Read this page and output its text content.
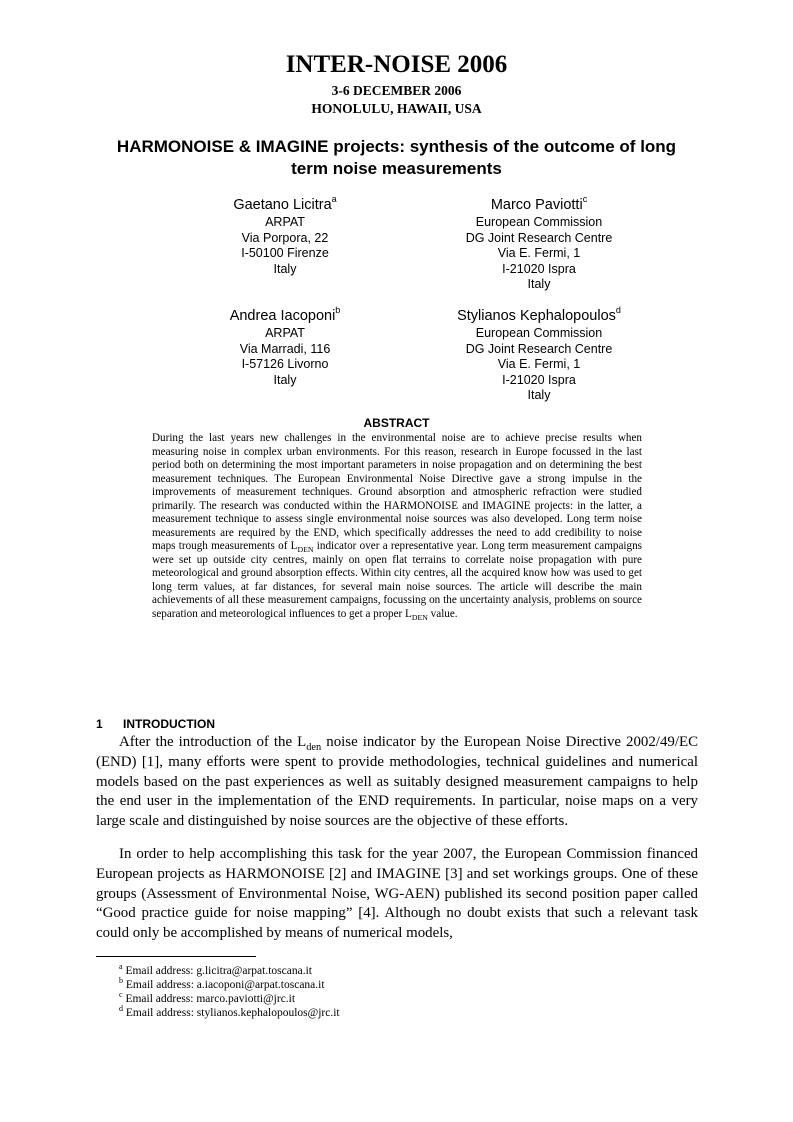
INTER-NOISE 2006
3-6 DECEMBER 2006
HONOLULU, HAWAII, USA
HARMONOISE & IMAGINE projects: synthesis of the outcome of long term noise measurements
Gaetano Licitra$^a$
ARPAT
Via Porpora, 22
I-50100 Firenze
Italy
Marco Paviotti$^c$
European Commission
DG Joint Research Centre
Via E. Fermi, 1
I-21020 Ispra
Italy
Andrea Iacoponi$^b$
ARPAT
Via Marradi, 116
I-57126 Livorno
Italy
Stylianos Kephalopoulos$^d$
European Commission
DG Joint Research Centre
Via E. Fermi, 1
I-21020 Ispra
Italy
ABSTRACT

During the last years new challenges in the environmental noise are to achieve precise results when measuring noise in complex urban environments. For this reason, research in Europe focussed in the last period both on determining the most important parameters in noise propagation and on determining the best measurement techniques. The European Environmental Noise Directive gave a strong impulse in the improvements of measurement techniques. Ground absorption and atmospheric refraction were studied primarily. The research was conducted within the HARMONOISE and IMAGINE projects: in the latter, a measurement technique to assess single environmental noise sources was also developed. Long term noise measurements are required by the END, which specifically addresses the need to add credibility to noise maps trough measurements of $L_{DEN}$ indicator over a representative year. Long term measurement campaigns were set up outside city centres, mainly on open flat terrains to correlate noise propagation with pure meteorological and ground absorption effects. Within city centres, all the acquired know how was used to get long term values, at far distances, for several main noise sources. The article will describe the main achievements of all these measurement campaigns, focussing on the uncertainty analysis, problems on source separation and meteorological influences to get a proper $L_{DEN}$ value.

1 INTRODUCTION

After the introduction of the $L_{den}$ noise indicator by the European Noise Directive 2002/49/EC (END) [1], many efforts were spent to provide methodologies, technical guidelines and numerical models based on the past experiences as well as suitably designed measurement campaigns to help the end user in the implementation of the END requirements. In particular, noise maps on a very large scale and distinguished by noise sources are the objective of these efforts.

In order to help accomplishing this task for the year 2007, the European Commission financed European projects as HARMONOISE [2] and IMAGINE [3] and set workings groups. One of these groups (Assessment of Environmental Noise, WG-AEN) published its second position paper called “Good practice guide for noise mapping” [4]. Although no doubt exists that such a relevant task could only be accomplished by means of numerical models,

$^a$ Email address: g.licitra@arpat.toscana.it
$^b$ Email address: a.iacoponi@arpat.toscana.it
$^c$ Email address: marco.paviotti@jrc.it
$^d$ Email address: stylianos.kephalopoulos@jrc.it
